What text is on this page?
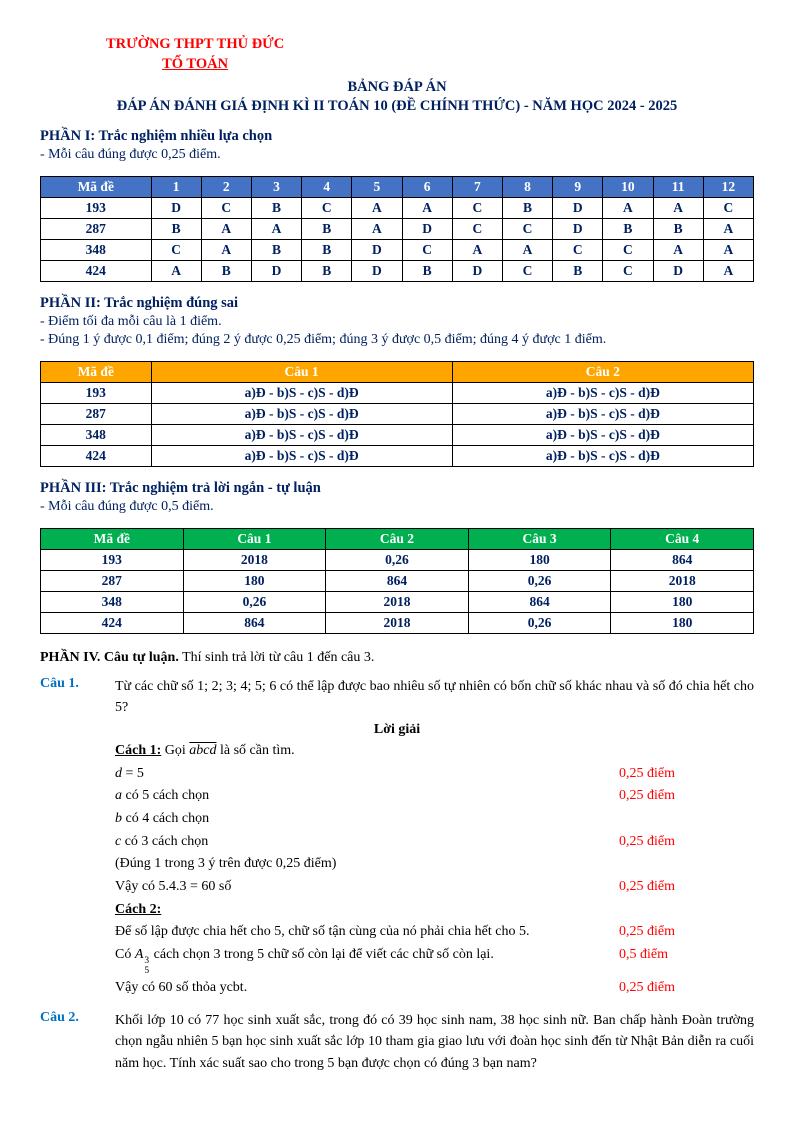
TRƯỜNG THPT THỦ ĐỨC
TỔ TOÁN
BẢNG ĐÁP ÁN
ĐÁP ÁN ĐÁNH GIÁ ĐỊNH KÌ II TOÁN 10 (ĐỀ CHÍNH THỨC) - NĂM HỌC 2024 - 2025
PHẦN I: Trắc nghiệm nhiều lựa chọn
- Mỗi câu đúng được 0,25 điểm.
Mã đề	1	2	3	4	5	6	7	8	9	10	11	12
193	D	C	B	C	A	A	C	B	D	A	A	C
287	B	A	A	B	A	D	C	C	D	B	B	A
348	C	A	B	B	D	C	A	A	C	C	A	A
424	A	B	D	B	D	B	D	C	B	C	D	A
PHẦN II: Trắc nghiệm đúng sai
- Điểm tối đa mỗi câu là 1 điểm.
- Đúng 1 ý được 0,1 điểm; đúng 2 ý được 0,25 điểm; đúng 3 ý được 0,5 điểm; đúng 4 ý được 1 điểm.
Mã đề	Câu 1	Câu 2
193	a)Đ - b)S - c)S - d)Đ	a)Đ - b)S - c)S - d)Đ
287	a)Đ - b)S - c)S - d)Đ	a)Đ - b)S - c)S - d)Đ
348	a)Đ - b)S - c)S - d)Đ	a)Đ - b)S - c)S - d)Đ
424	a)Đ - b)S - c)S - d)Đ	a)Đ - b)S - c)S - d)Đ
PHẦN III: Trắc nghiệm trả lời ngắn - tự luận
- Mỗi câu đúng được 0,5 điểm.
Mã đề	Câu 1	Câu 2	Câu 3	Câu 4
193	2018	0,26	180	864
287	180	864	0,26	2018
348	0,26	2018	864	180
424	864	2018	0,26	180
PHẦN IV. Câu tự luận. Thí sinh trả lời từ câu 1 đến câu 3.
Câu 1.	Từ các chữ số 1; 2; 3; 4; 5; 6 có thể lập được bao nhiêu số tự nhiên có bốn chữ số khác nhau và số đó chia hết cho 5?
Lời giải
Cách 1: Gọi abcd là số cần tìm.
d = 5	0,25 điểm
a có 5 cách chọn	0,25 điểm
b có 4 cách chọn
c có 3 cách chọn	0,25 điểm
(Đúng 1 trong 3 ý trên được 0,25 điểm)
Vậy có 5.4.3 = 60 số	0,25 điểm
Cách 2:
Để số lập được chia hết cho 5, chữ số tận cùng của nó phải chia hết cho 5.	0,25 điểm
Có A 3
5
cách chọn 3 trong 5 chữ số còn lại để viết các chữ số còn lại.	0,5 điểm
Vậy có 60 số thỏa ycbt.	0,25 điểm
Câu 2.	Khối lớp 10 có 77 học sinh xuất sắc, trong đó có 39 học sinh nam, 38 học sinh nữ. Ban chấp hành Đoàn trường chọn ngẫu nhiên 5 bạn học sinh xuất sắc lớp 10 tham gia giao lưu với đoàn học sinh đến từ Nhật Bản diễn ra cuối năm học. Tính xác suất sao cho trong 5 bạn được chọn có đúng 3 bạn nam?
